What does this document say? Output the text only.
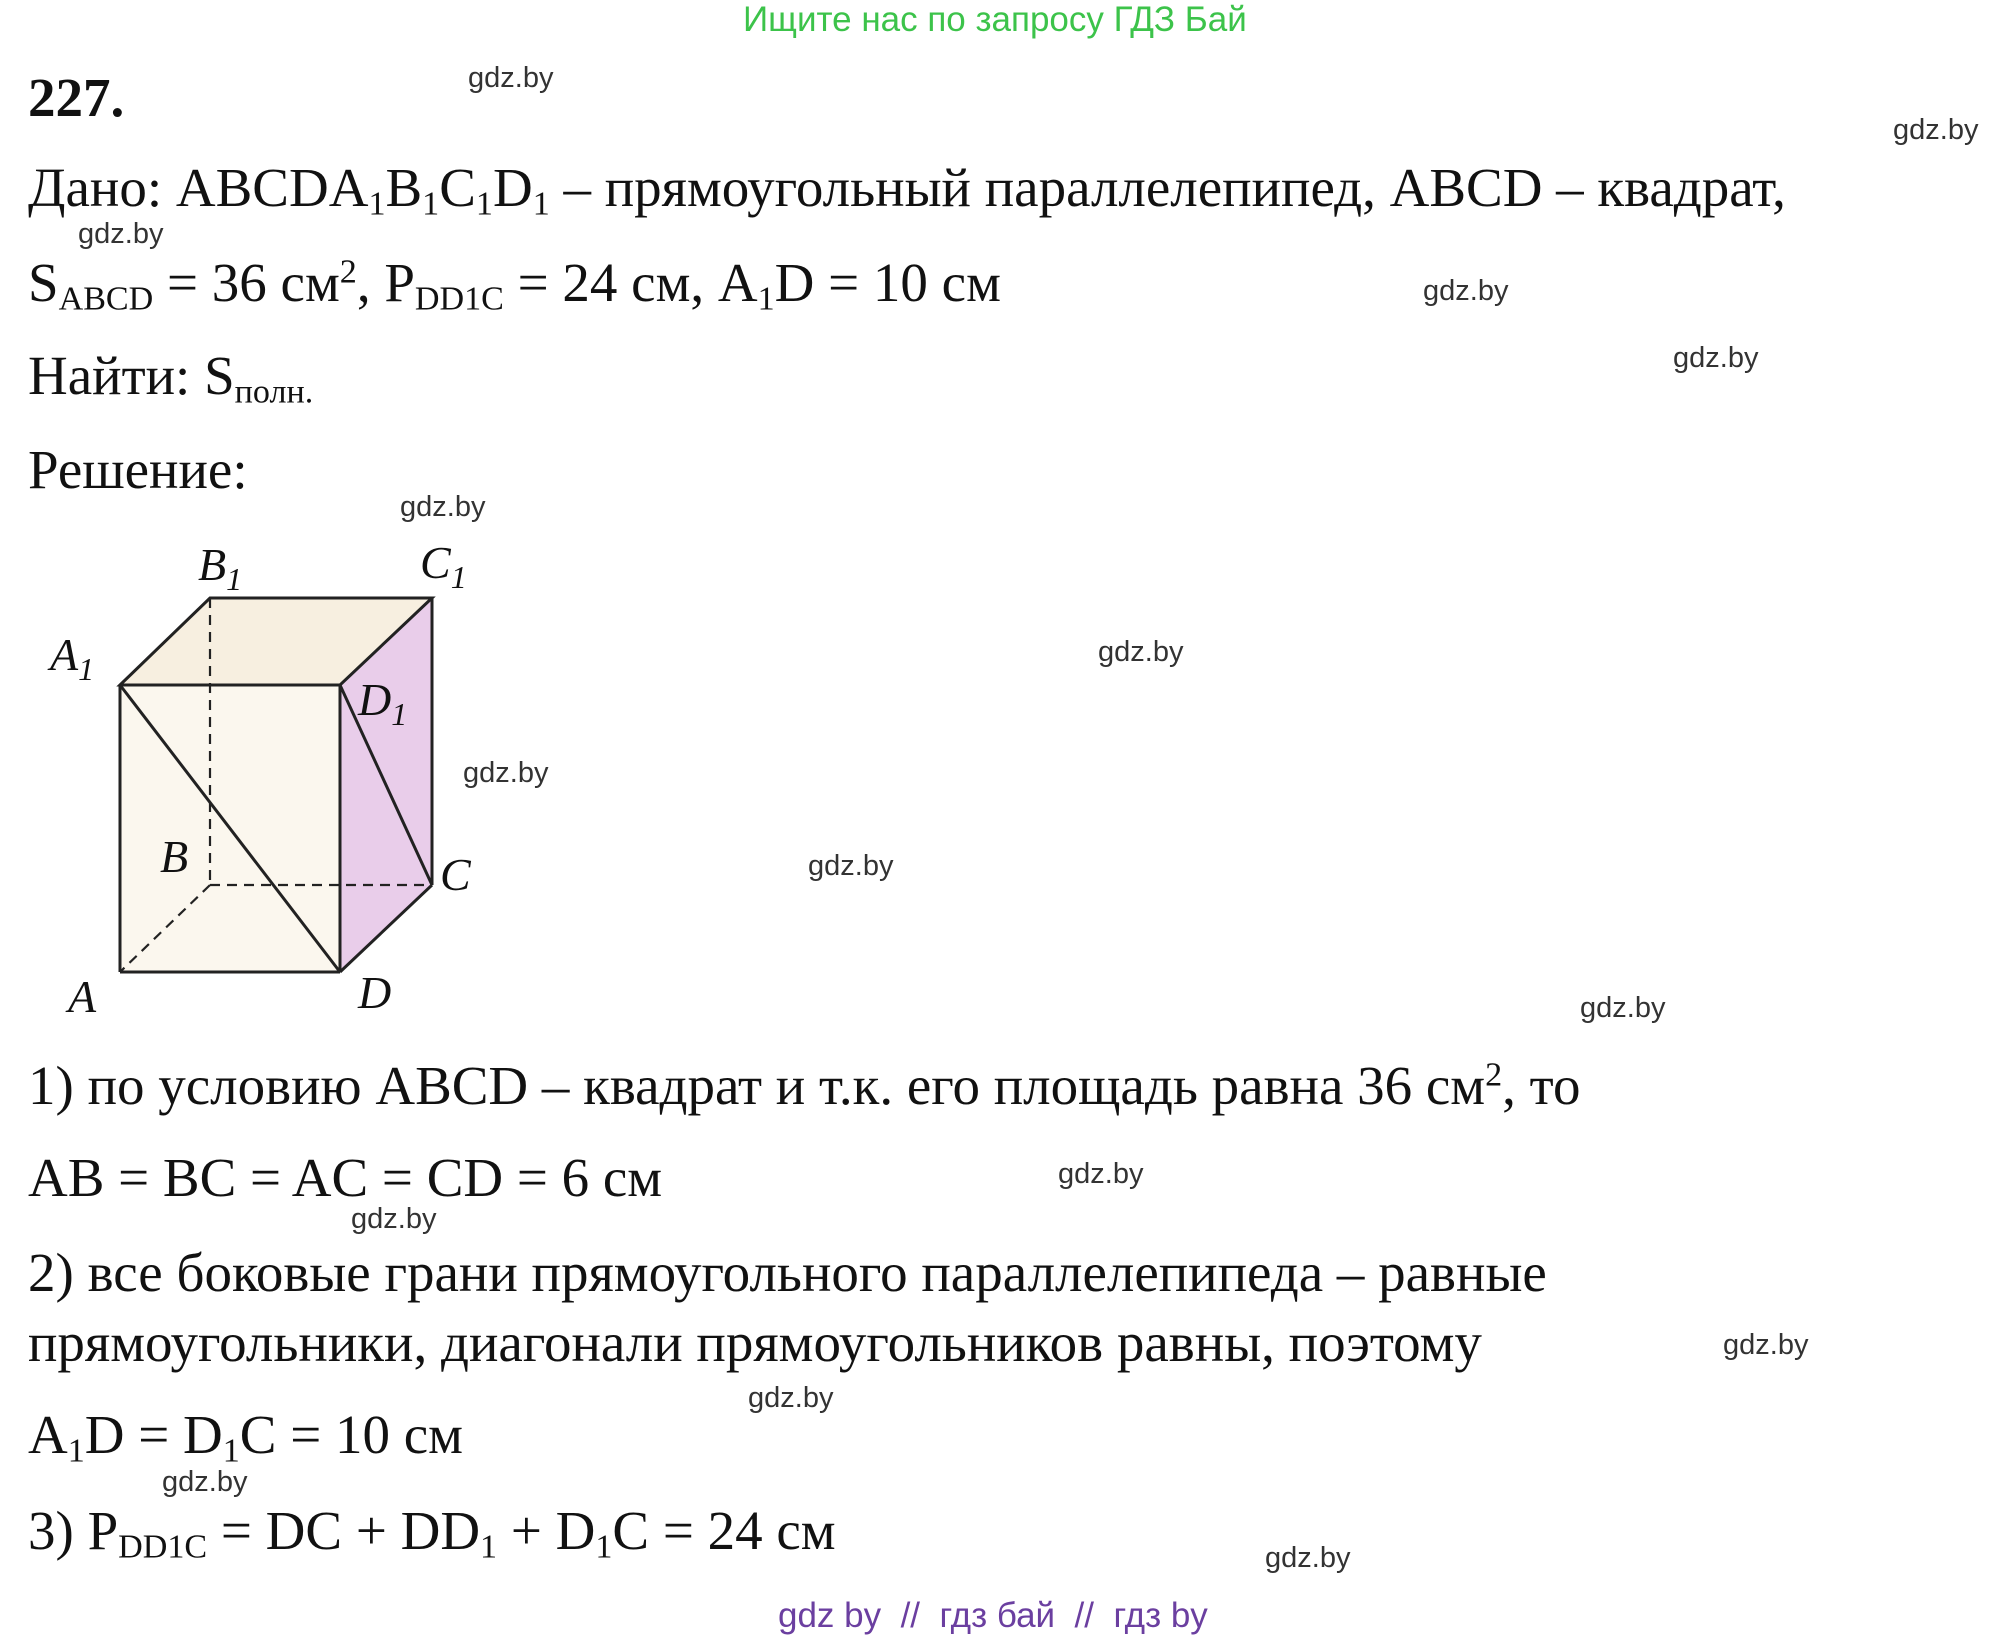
Ищите нас по запросу ГДЗ Бай
227.
Дано: $ABCDA_1B_1C_1D_1$ – прямоугольный параллелепипед, ABCD – квадрат,
$S_{ABCD} = 36$ $см^2$, $P_{DD1C} = 24$ см, $A_1D = 10$ см
Найти: $S_{полн.}$
Решение:
$A_1$
$B_1$	$C_1$
$D_1$
B	C
A	D
1) по условию ABCD – квадрат и т.к. его площадь равна 36 $см^2$, то
AB = BC = AC = CD = 6 см
2) все боковые грани прямоугольного параллелепипеда – равные
прямоугольники, диагонали прямоугольников равны, поэтому
$A_1D = D_1C = 10$ см
3) $P_{DD1C}$ = DC + $DD_1 + D_1C = 24$ см
gdz.by
gdz.by
gdz.by
gdz.by
gdz.by
gdz.by
gdz.by
gdz.by
gdz.by
gdz.by
gdz.by
gdz.by
gdz.by
gdz.by
gdz.by
gdz.by
gdz by  //  гдз бай  //  гдз by
